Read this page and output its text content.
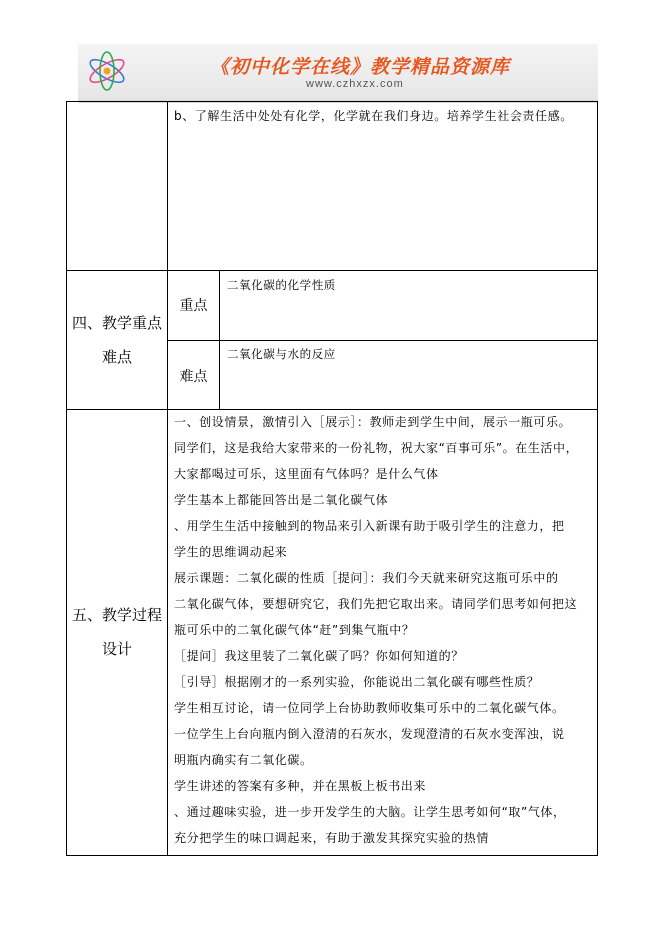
《初中化学在线》教学精品资源库
www.czhxzx.com

b、了解生活中处处有化学，化学就在我们身边。培养学生社会责任感。

四、教学重点
难点
重点
二氧化碳的化学性质
难点
二氧化碳与水的反应
五、教学过程
设计

一、创设情景，激情引入［展示］：教师走到学生中间，展示一瓶可乐。

同学们，这是我给大家带来的一份礼物，祝大家“百事可乐”。在生活中，

大家都喝过可乐，这里面有气体吗？是什么气体

学生基本上都能回答出是二氧化碳气体

、用学生生活中接触到的物品来引入新课有助于吸引学生的注意力，把

学生的思维调动起来

展示课题：二氧化碳的性质［提问］：我们今天就来研究这瓶可乐中的

二氧化碳气体，要想研究它，我们先把它取出来。请同学们思考如何把这

瓶可乐中的二氧化碳气体“赶”到集气瓶中？

［提问］我这里装了二氧化碳了吗？你如何知道的？

［引导］根据刚才的一系列实验，你能说出二氧化碳有哪些性质？

学生相互讨论，请一位同学上台协助教师收集可乐中的二氧化碳气体。

一位学生上台向瓶内倒入澄清的石灰水，发现澄清的石灰水变浑浊，说

明瓶内确实有二氧化碳。

学生讲述的答案有多种，并在黑板上板书出来

、通过趣味实验，进一步开发学生的大脑。让学生思考如何“取”气体，

充分把学生的味口调起来，有助于激发其探究实验的热情
